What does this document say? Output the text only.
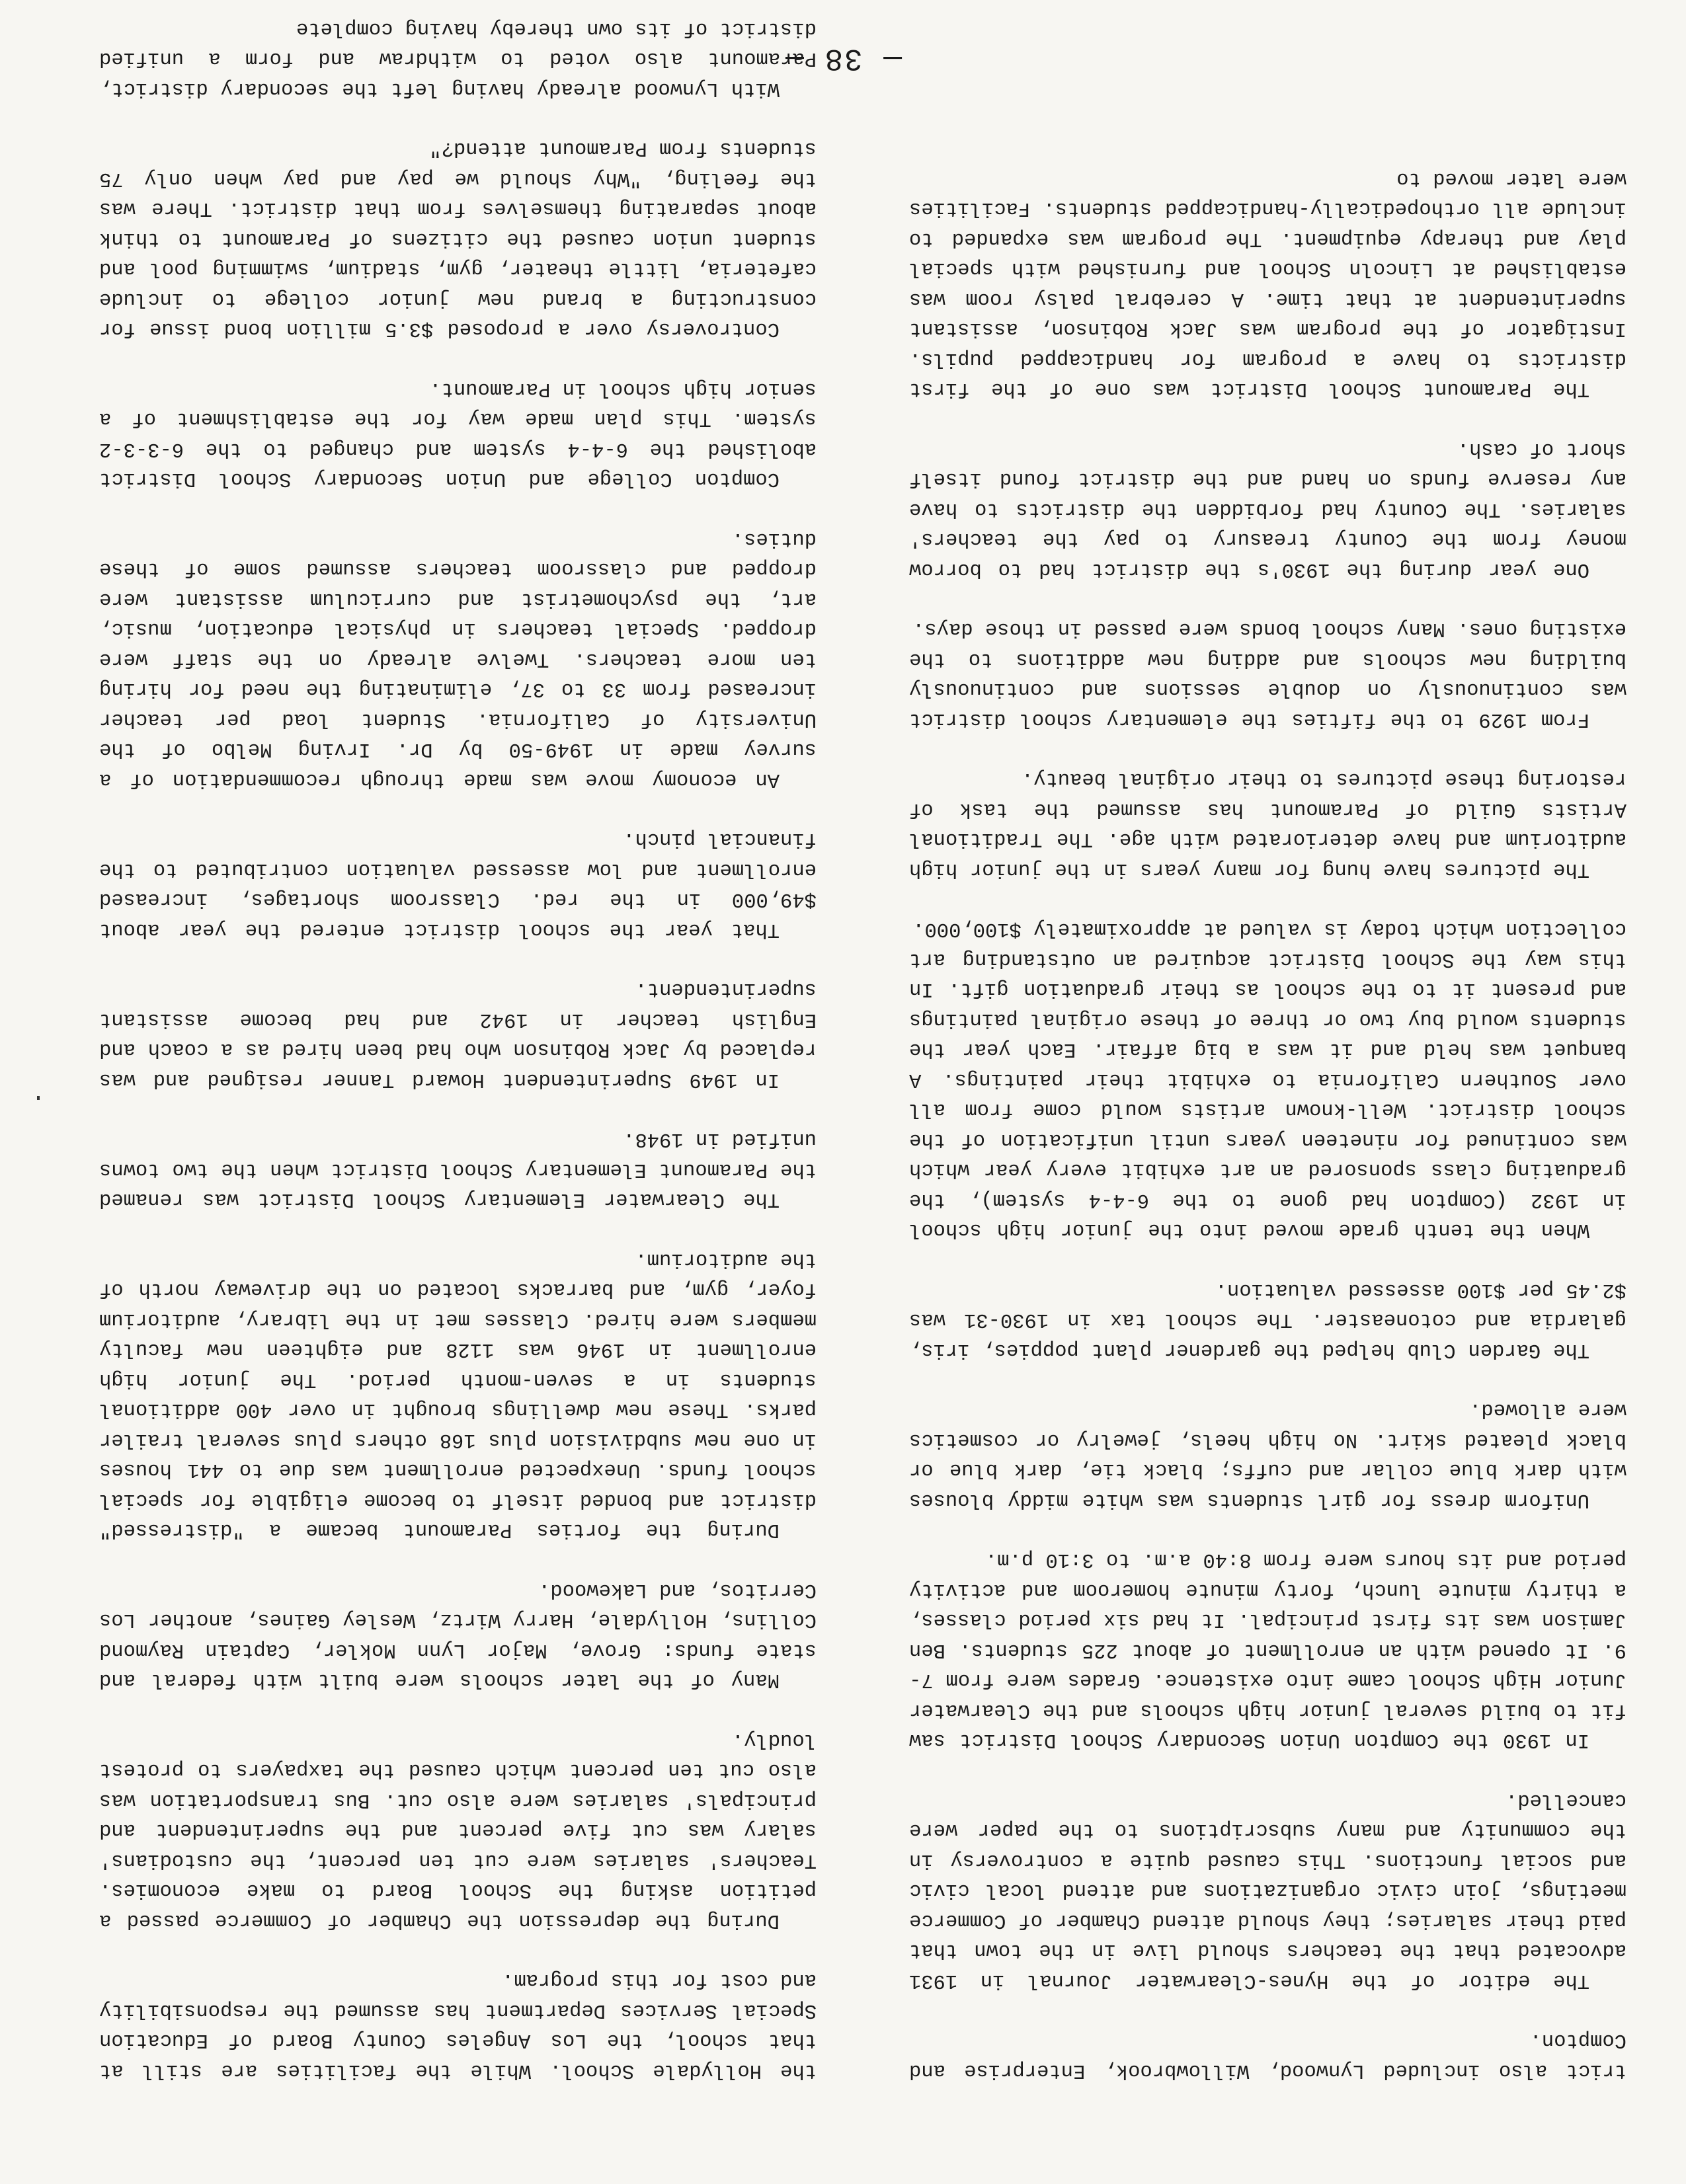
— 38 —

trict also included Lynwood, Willowbrook, Enterprise and Compton.

The editor of the Hynes-Clearwater Journal in 1931 advocated that the teachers should live in the town that paid their salaries; they should attend Chamber of Commerce meetings, join civic organizations and attend local civic and social functions. This caused quite a controversy in the community and many subscriptions to the paper were cancelled.

In 1930 the Compton Union Secondary School District saw fit to build several junior high schools and the Clearwater Junior High School came into existence. Grades were from 7-9. It opened with an enrollment of about 225 students. Ben Jamison was its first principal. It had six period classes, a thirty minute lunch, forty minute homeroom and activity period and its hours were from 8:40 a.m. to 3:10 p.m.

Uniform dress for girl students was white middy blouses with dark blue collar and cuffs; black tie, dark blue or black pleated skirt. No high heels, jewelry or cosmetics were allowed.

The Garden Club helped the gardener plant poppies, iris, galardia and cotoneaster. The school tax in 1930-31 was $2.45 per $100 assessed valuation.

When the tenth grade moved into the junior high school in 1932 (Compton had gone to the 6-4-4 system), the graduating class sponsored an art exhibit every year which was continued for nineteen years until unification of the school district. Well-known artists would come from all over Southern California to exhibit their paintings. A banquet was held and it was a big affair. Each year the students would buy two or three of these original paintings and present it to the school as their graduation gift. In this way the School District acquired an outstanding art collection which today is valued at approximately $100,000.

The pictures have hung for many years in the junior high auditorium and have deteriorated with age. The Traditional Artists Guild of Paramount has assumed the task of restoring these pictures to their original beauty.

From 1929 to the fifties the elementary school district was continuously on double sessions and continuously building new schools and adding new additions to the existing ones. Many school bonds were passed in those days.

One year during the 1930's the district had to borrow money from the County treasury to pay the teachers' salaries. The County had forbidden the districts to have any reserve funds on hand and the district found itself short of cash.

The Paramount School District was one of the first districts to have a program for handicapped pupils. Instigator of the program was Jack Robinson, assistant superintendent at that time. A cerebral palsy room was established at Lincoln School and furnished with special play and therapy equipment. The program was expanded to include all orthopedically-handicapped students. Facilities were later moved to

the Hollydale School. While the facilities are still at that school, the Los Angeles County Board of Education Special Services Department has assumed the responsibility and cost for this program.

During the depression the Chamber of Commerce passed a petition asking the School Board to make economies. Teachers' salaries were cut ten percent, the custodians' salary was cut five percent and the superintendent and principals' salaries were also cut. Bus transportation was also cut ten percent which caused the taxpayers to protest loudly.

Many of the later schools were built with federal and state funds: Grove, Major Lynn Mokler, Captain Raymond Collins, Hollydale, Harry Wirtz, Wesley Gaines, another Los Cerritos, and Lakewood.

During the forties Paramount became a "distressed" district and bonded itself to become eligible for special school funds. Unexpected enrollment was due to 441 houses in one new subdivision plus 168 others plus several trailer parks. These new dwellings brought in over 400 additional students in a seven-month period. The junior high enrollment in 1946 was 1128 and eighteen new faculty members were hired. Classes met in the library, auditorium foyer, gym, and barracks located on the driveway north of the auditorium.

The Clearwater Elementary School District was renamed the Paramount Elementary School District when the two towns unified in 1948.

In 1949 Superintendent Howard Tanner resigned and was replaced by Jack Robinson who had been hired as a coach and English teacher in 1942 and had become assistant superintendent.

That year the school district entered the year about $49,000 in the red. Classroom shortages, increased enrollment and low assessed valuation contributed to the financial pinch.

An economy move was made through recommendation of a survey made in 1949-50 by Dr. Irving Melbo of the University of California. Student load per teacher increased from 33 to 37, eliminating the need for hiring ten more teachers. Twelve already on the staff were dropped. Special teachers in physical education, music, art, the psychometrist and curriculum assistant were dropped and classroom teachers assumed some of these duties.

Compton College and Union Secondary School District abolished the 6-4-4 system and changed to the 6-3-3-2 system. This plan made way for the establishment of a senior high school in Paramount.

Controversy over a proposed $3.5 million bond issue for constructing a brand new junior college to include cafeteria, little theater, gym, stadium, swimming pool and student union caused the citizens of Paramount to think about separating themselves from that district. There was the feeling, "Why should we pay and pay when only 75 students from Paramount attend?"

With Lynwood already having left the secondary district, Paramount also voted to withdraw and form a unified district of its own thereby having complete
